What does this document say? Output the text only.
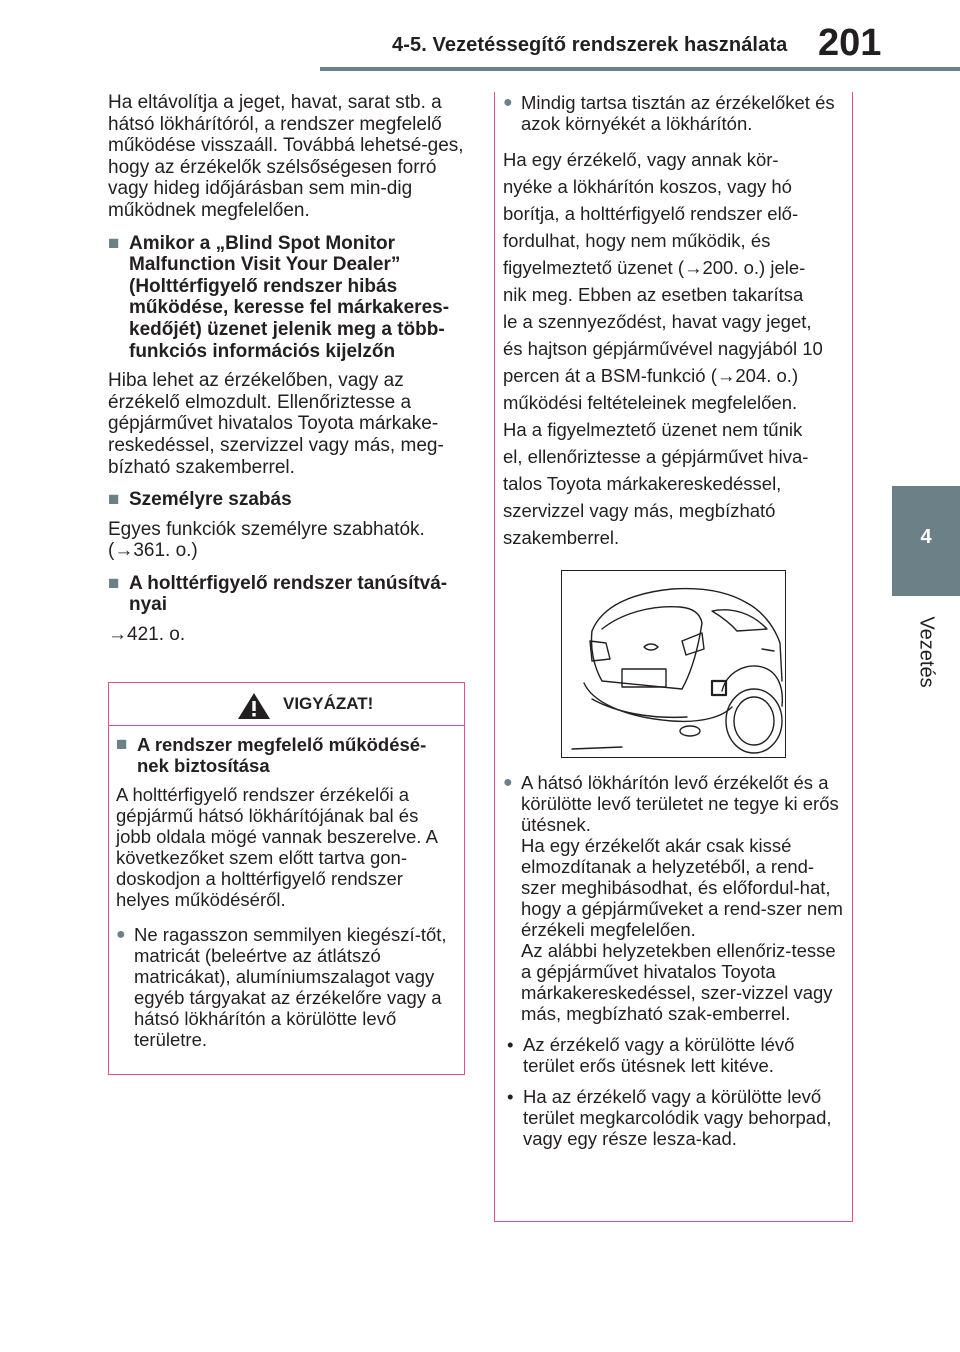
4-5. Vezetéssegítő rendszerek használata 201
4
Vezetés

Ha eltávolítja a jeget, havat, sarat stb. a hátsó lökhárítóról, a rendszer megfelelő működése visszaáll. Továbbá lehetsé-ges, hogy az érzékelők szélsőségesen forró vagy hideg időjárásban sem min-dig működnek megfelelően.

■ Amikor a „Blind Spot Monitor Malfunction Visit Your Dealer” (Holttérfigyelő rendszer hibás működése, keresse fel márkakeres-kedőjét) üzenet jelenik meg a több-funkciós információs kijelzőn

Hiba lehet az érzékelőben, vagy az érzékelő elmozdult. Ellenőriztesse a gépjárművet hivatalos Toyota márkake-reskedéssel, szervizzel vagy más, meg-bízható szakemberrel.

■ Személyre szabás

Egyes funkciók személyre szabhatók. (→361. o.)

■ A holttérfigyelő rendszer tanúsítvá-nyai

→421. o.

VIGYÁZAT!
■ A rendszer megfelelő működésé-nek biztosítása

A holttérfigyelő rendszer érzékelői a gépjármű hátsó lökhárítójának bal és jobb oldala mögé vannak beszerelve. A következőket szem előtt tartva gon-doskodjon a holttérfigyelő rendszer helyes működéséről.

● Ne ragasszon semmilyen kiegészí-tőt, matricát (beleértve az átlátszó matricákat), alumíniumszalagot vagy egyéb tárgyakat az érzékelőre vagy a hátsó lökhárítón a körülötte levő területre.
● Mindig tartsa tisztán az érzékelőket és azok környékét a lökhárítón.
Ha egy érzékelő, vagy annak kör-
nyéke a lökhárítón koszos, vagy hó
borítja, a holttérfigyelő rendszer elő-
fordulhat, hogy nem működik, és
figyelmeztető üzenet (→200. o.) jele-
nik meg. Ebben az esetben takarítsa
le a szennyeződést, havat vagy jeget,
és hajtson gépjárművével nagyjából 10
percen át a BSM-funkció (→204. o.)
működési feltételeinek megfelelően.
Ha a figyelmeztető üzenet nem tűnik
el, ellenőriztesse a gépjárművet hiva-
talos Toyota márkakereskedéssel,
szervizzel vagy más, megbízható
szakemberrel.
● A hátsó lökhárítón levő érzékelőt és a körülötte levő területet ne tegye ki erős ütésnek.
Ha egy érzékelőt akár csak kissé elmozdítanak a helyzetéből, a rend-szer meghibásodhat, és előfordul-hat, hogy a gépjárműveket a rend-szer nem érzékeli megfelelően.
Az alábbi helyzetekben ellenőriz-tesse a gépjárművet hivatalos Toyota márkakereskedéssel, szer-vizzel vagy más, megbízható szak-emberrel.
• Az érzékelő vagy a körülötte lévő terület erős ütésnek lett kitéve.
• Ha az érzékelő vagy a körülötte levő terület megkarcolódik vagy behorpad, vagy egy része lesza-kad.
